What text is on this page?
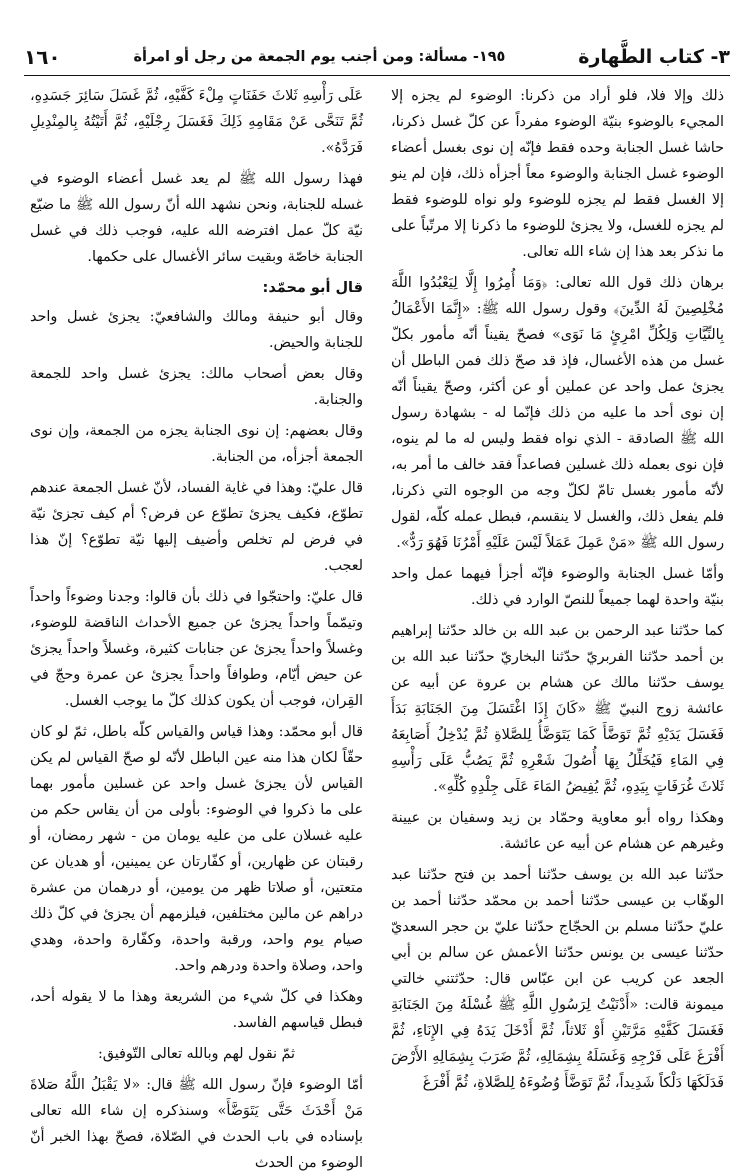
٣- كتاب الطَّهارة
١٩٥- مسألة: ومن أجنب يوم الجمعة من رجل أو امرأة
١٦٠

ذلك وإلا فلا، فلو أراد من ذكرنا: الوضوء لم يجزه إلا المجيء بالوضوء بنيّة الوضوء مفرداً عن كلّ غسل ذكرنا، حاشا غسل الجنابة وحده فقط فإنّه إن نوى بغسل أعضاء الوضوء غسل الجنابة والوضوء معاً أجزأه ذلك، فإن لم ينو إلا الغسل فقط لم يجزه للوضوء ولو نواه للوضوء فقط لم يجزه للغسل، ولا يجزئ للوضوء ما ذكرنا إلا مرتّباً على ما نذكر بعد هذا إن شاء الله تعالى.

برهان ذلك قول الله تعالى: ﴿وَمَا أُمِرُوا إِلَّا لِيَعْبُدُوا اللَّهَ مُخْلِصِينَ لَهُ الدِّينَ﴾ وقول رسول الله ﷺ: «إِنَّمَا الأَعْمَالُ بِالنِّيَّاتِ وَلِكُلِّ امْرِئٍ مَا نَوَى» فصحّ يقيناً أنّه مأمور بكلّ غسل من هذه الأغسال، فإذ قد صحّ ذلك فمن الباطل أن يجزئ عمل واحد عن عملين أو عن أكثر، وصحّ يقيناً أنّه إن نوى أحد ما عليه من ذلك فإنّما له - بشهادة رسول الله ﷺ الصادقة - الذي نواه فقط وليس له ما لم ينوه، فإن نوى بعمله ذلك غسلين فصاعداً فقد خالف ما أمر به، لأنّه مأمور بغسل تامّ لكلّ وجه من الوجوه التي ذكرنا، فلم يفعل ذلك، والغسل لا ينقسم، فبطل عمله كلّه، لقول رسول الله ﷺ «مَنْ عَمِلَ عَمَلاً لَيْسَ عَلَيْهِ أَمْرُنَا فَهُوَ رَدٌّ».

وأمّا غسل الجنابة والوضوء فإنّه أجزأ فيهما عمل واحد بنيّة واحدة لهما جميعاً للنصّ الوارد في ذلك.

كما حدّثنا عبد الرحمن بن عبد الله بن خالد حدّثنا إبراهيم بن أحمد حدّثنا الفربريّ حدّثنا البخاريّ حدّثنا عبد الله بن يوسف حدّثنا مالك عن هشام بن عروة عن أبيه عن عائشة زوج النبيّ ﷺ «كَانَ إِذَا اغْتَسَلَ مِنَ الجَنَابَةِ بَدَأَ فَغَسَلَ يَدَيْهِ ثُمَّ تَوَضَّأَ كَمَا يَتَوَضَّأُ لِلصَّلاةِ ثُمَّ يُدْخِلُ أَصَابِعَهُ فِي المَاءِ فَيُخَلِّلُ بِهَا أُصُولَ شَعْرِهِ ثُمَّ يَصُبُّ عَلَى رَأْسِهِ ثَلاثَ غُرَفَاتٍ بِيَدِهِ، ثُمَّ يُفِيضُ المَاءَ عَلَى جِلْدِهِ كُلِّهِ».

وهكذا رواه أبو معاوية وحمّاد بن زيد وسفيان بن عيينة وغيرهم عن هشام عن أبيه عن عائشة.

حدّثنا عبد الله بن يوسف حدّثنا أحمد بن فتح حدّثنا عبد الوهّاب بن عيسى حدّثنا أحمد بن محمّد حدّثنا أحمد بن عليّ حدّثنا مسلم بن الحجّاج حدّثنا عليّ بن حجر السعديّ حدّثنا عيسى بن يونس حدّثنا الأعمش عن سالم بن أبي الجعد عن كريب عن ابن عبّاس قال: حدّثتني خالتي ميمونة قالت: «أَدْنَيْتُ لِرَسُولِ اللَّهِ ﷺ غُسْلَهُ مِنَ الجَنَابَةِ فَغَسَلَ كَفَّيْهِ مَرَّتَيْنِ أَوْ ثَلاثاً، ثُمَّ أَدْخَلَ يَدَهُ فِي الإِنَاءِ، ثُمَّ أَفْرَغَ عَلَى فَرْجِهِ وَغَسَلَهُ بِشِمَالِهِ، ثُمَّ ضَرَبَ بِشِمَالِهِ الأَرْضَ فَدَلَكَهَا دَلْكاً شَدِيداً، ثُمَّ تَوَضَّأَ وُضُوءَهُ لِلصَّلاةِ، ثُمَّ أَفْرَغَ

عَلَى رَأْسِهِ ثَلاثَ حَفَنَاتٍ مِلْءَ كَفَّيْهِ، ثُمَّ غَسَلَ سَائِرَ جَسَدِهِ، ثُمَّ تَنَحَّى عَنْ مَقَامِهِ ذَلِكَ فَغَسَلَ رِجْلَيْهِ، ثُمَّ أَتَيْتُهُ بِالمِنْدِيلِ فَرَدَّهُ».

فهذا رسول الله ﷺ لم يعد غسل أعضاء الوضوء في غسله للجنابة، ونحن نشهد الله أنّ رسول الله ﷺ ما ضيّع نيّة كلّ عمل افترضه الله عليه، فوجب ذلك في غسل الجنابة خاصّة وبقيت سائر الأغسال على حكمها.

قال أبو محمّد:

وقال أبو حنيفة ومالك والشافعيّ: يجزئ غسل واحد للجنابة والحيض.

وقال بعض أصحاب مالك: يجزئ غسل واحد للجمعة والجنابة.

وقال بعضهم: إن نوى الجنابة يجزه من الجمعة، وإن نوى الجمعة أجزأه، من الجنابة.

قال عليّ: وهذا في غاية الفساد، لأنّ غسل الجمعة عندهم تطوّع، فكيف يجزئ تطوّع عن فرض؟ أم كيف تجزئ نيّة في فرض لم تخلص وأضيف إليها نيّة تطوّع؟ إنّ هذا لعجب.

قال عليّ: واحتجّوا في ذلك بأن قالوا: وجدنا وضوءاً واحداً وتيمّماً واحداً يجزئ عن جميع الأحداث الناقضة للوضوء، وغسلاً واحداً يجزئ عن جنابات كثيرة، وغسلاً واحداً يجزئ عن حيض أيّام، وطوافاً واحداً يجزئ عن عمرة وحجّ في القِران، فوجب أن يكون كذلك كلّ ما يوجب الغسل.

قال أبو محمّد: وهذا قياس والقياس كلّه باطل، ثمّ لو كان حقّاً لكان هذا منه عين الباطل لأنّه لو صحّ القياس لم يكن القياس لأن يجزئ غسل واحد عن غسلين مأمور بهما على ما ذكروا في الوضوء: بأولى من أن يقاس حكم من عليه غسلان على من عليه يومان من - شهر رمضان، أو رقبتان عن ظهارين، أو كفّارتان عن يمينين، أو هديان عن متعتين، أو صلاتا ظهر من يومين، أو درهمان من عشرة دراهم عن مالين مختلفين، فيلزمهم أن يجزئ في كلّ ذلك صيام يوم واحد، ورقبة واحدة، وكفّارة واحدة، وهدي واحد، وصلاة واحدة ودرهم واحد.

وهكذا في كلّ شيء من الشريعة وهذا ما لا يقوله أحد، فبطل قياسهم الفاسد.

ثمّ نقول لهم وبالله تعالى التّوفيق:

أمّا الوضوء فإنّ رسول الله ﷺ قال: «لا يَقْبَلُ اللَّهُ صَلاةَ مَنْ أَحْدَثَ حَتَّى يَتَوَضَّأَ» وسنذكره إن شاء الله تعالى بإسناده في باب الحدث في الصّلاة، فصحّ بهذا الخبر أنّ الوضوء من الحدث
